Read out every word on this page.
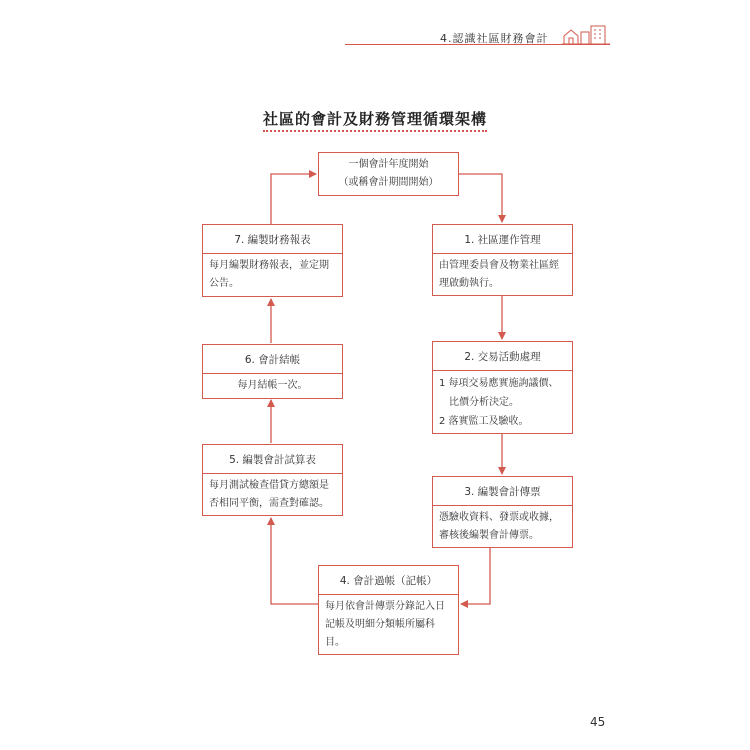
4.認識社區財務會計
社區的會計及財務管理循環架構
一個會計年度開始
（或稱會計期間開始）
1. 社區運作管理
由管理委員會及物業社區經
理啟動執行。
2. 交易活動處理
1 每項交易應實施詢議價、
　比價分析決定。
2 落實監工及驗收。
3. 編製會計傳票
憑驗收資料、發票或收據，
審核後編製會計傳票。
4. 會計過帳（記帳）
每月依會計傳票分錄記入日
記帳及明細分類帳所屬科
目。
5. 編製會計試算表
每月測試檢查借貸方總額是
否相同平衡，需查對確認。
6. 會計結帳
每月結帳一次。
7. 編製財務報表
每月編製財務報表，並定期
公告。
45
